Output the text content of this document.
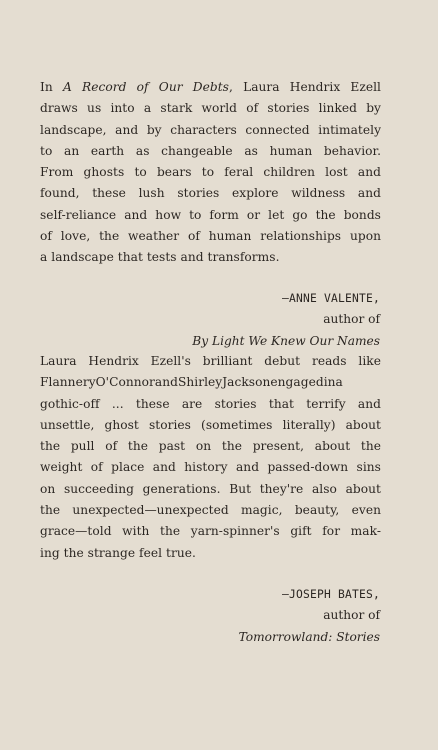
In A Record of Our Debts, Laura Hendrix Ezell
draws us into a stark world of stories linked by
landscape, and by characters connected intimately
to an earth as changeable as human behavior.
From ghosts to bears to feral children lost and
found, these lush stories explore wildness and
self-reliance and how to form or let go the bonds
of love, the weather of human relationships upon
a landscape that tests and transforms.

—ANNE VALENTE,
author of
By Light We Knew Our Names

Laura Hendrix Ezell's brilliant debut reads like
FlanneryO'ConnorandShirleyJacksonengagedina
gothic-off ... these are stories that terrify and
unsettle, ghost stories (sometimes literally) about
the pull of the past on the present, about the
weight of place and history and passed-down sins
on succeeding generations. But they're also about
the unexpected—unexpected magic, beauty, even
grace—told with the yarn-spinner's gift for mak-
ing the strange feel true.

—JOSEPH BATES,
author of
Tomorrowland: Stories
